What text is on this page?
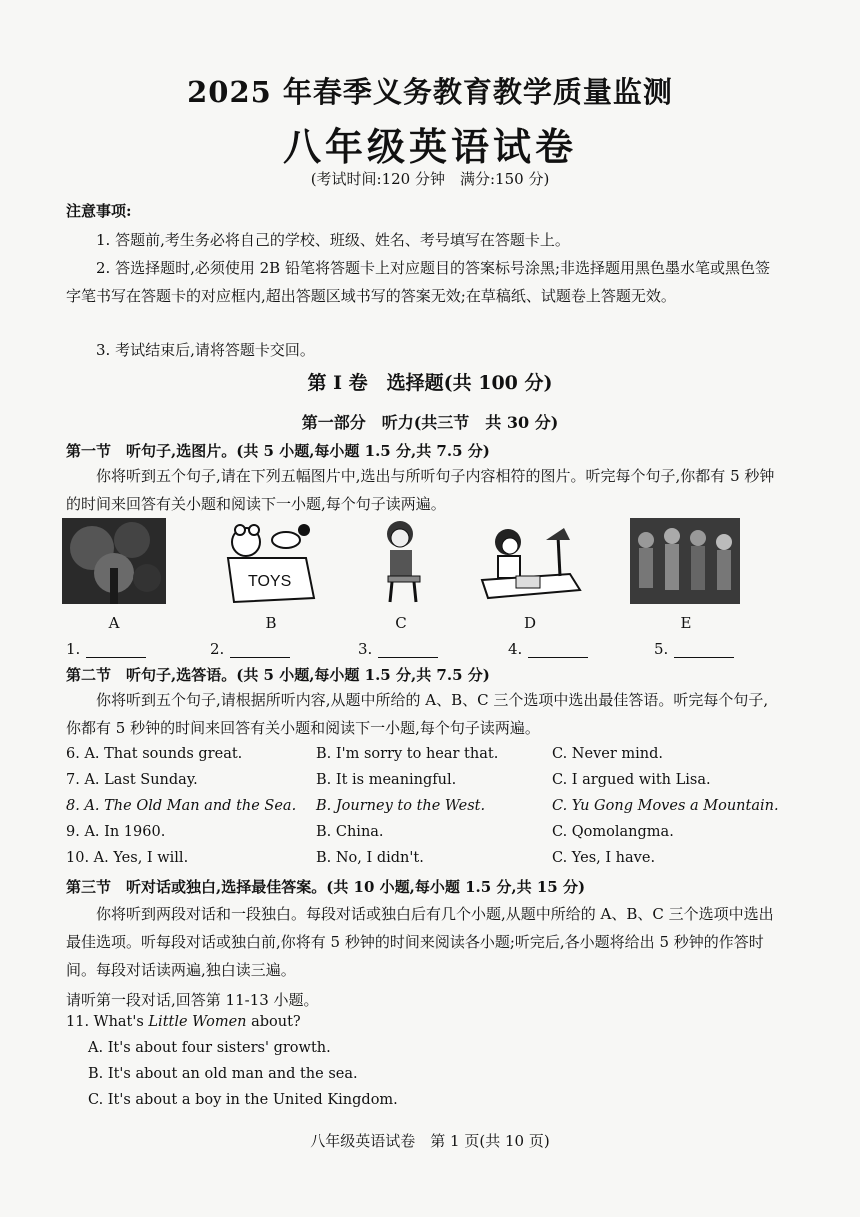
2025 年春季义务教育教学质量监测
八年级英语试卷
(考试时间:120 分钟　满分:150 分)
注意事项:
1. 答题前,考生务必将自己的学校、班级、姓名、考号填写在答题卡上。
2. 答选择题时,必须使用 2B 铅笔将答题卡上对应题目的答案标号涂黑;非选择题用黑色墨水笔或黑色签字笔书写在答题卡的对应框内,超出答题区域书写的答案无效;在草稿纸、试题卷上答题无效。
3. 考试结束后,请将答题卡交回。
第 I 卷　选择题(共 100 分)
第一部分　听力(共三节　共 30 分)
第一节　听句子,选图片。(共 5 小题,每小题 1.5 分,共 7.5 分)
你将听到五个句子,请在下列五幅图片中,选出与所听句子内容相符的图片。听完每个句子,你都有 5 秒钟的时间来回答有关小题和阅读下一小题,每个句子读两遍。
TOYS
A	B	C	D	E
1.	2.	3.	4.	5.
第二节　听句子,选答语。(共 5 小题,每小题 1.5 分,共 7.5 分)
你将听到五个句子,请根据所听内容,从题中所给的 A、B、C 三个选项中选出最佳答语。听完每个句子,你都有 5 秒钟的时间来回答有关小题和阅读下一小题,每个句子读两遍。
6. A. That sounds great.	B. I'm sorry to hear that.	C. Never mind.
7. A. Last Sunday.	B. It is meaningful.	C. I argued with Lisa.
8. A. The Old Man and the Sea. B. Journey to the West.	C. Yu Gong Moves a Mountain.
9. A. In 1960.	B. China.	C. Qomolangma.
10. A. Yes, I will.	B. No, I didn't.	C. Yes, I have.
第三节　听对话或独白,选择最佳答案。(共 10 小题,每小题 1.5 分,共 15 分)
你将听到两段对话和一段独白。每段对话或独白后有几个小题,从题中所给的 A、B、C 三个选项中选出最佳选项。听每段对话或独白前,你将有 5 秒钟的时间来阅读各小题;听完后,各小题将给出 5 秒钟的作答时间。每段对话读两遍,独白读三遍。
请听第一段对话,回答第 11-13 小题。
11. What's Little Women about?
A. It's about four sisters' growth.
B. It's about an old man and the sea.
C. It's about a boy in the United Kingdom.
八年级英语试卷　第 1 页(共 10 页)
